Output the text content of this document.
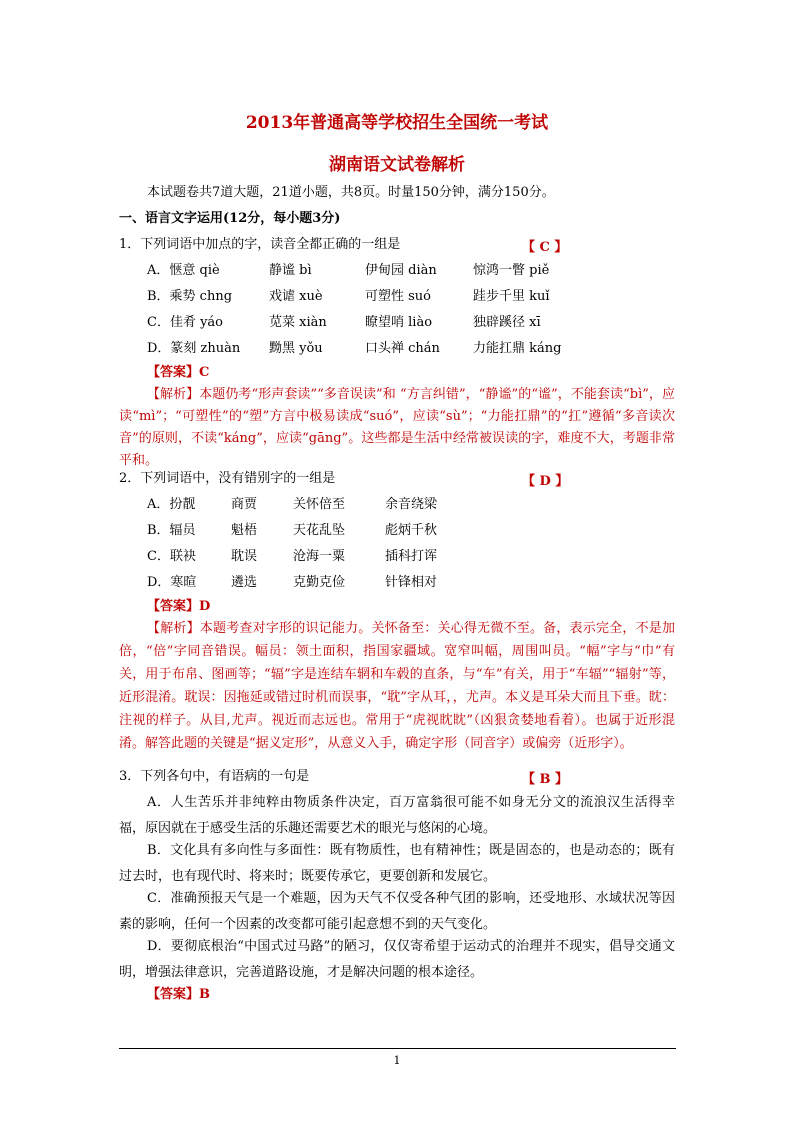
2013年普通高等学校招生全国统一考试
湖南语文试卷解析
本试题卷共7道大题，21道小题，共8页。时量150分钟，满分150分。
一、语言文字运用(12分，每小题3分)
1．下列词语中加点的字，读音全都正确的一组是	【 C 】
A．惬意 qiè	静谧 bì	伊甸园 diàn	惊鸿一瞥 piě
B．乘势 chng	戏谑 xuè	可塑性 suó	跬步千里 kuǐ
C．佳肴 yáo	苋菜 xiàn	瞭望哨 liào	独辟蹊径 xī
D．篆刻 zhuàn 黝黑 yǒu	口头禅 chán	力能扛鼎 káng
【答案】C
【解析】本题仍考“形声套读”“多音误读”和 “方言纠错”，“静谧”的“谧”，不能套读“bì”，应读“mì”；“可塑性”的“塑”方言中极易读成“suó”，应读“sù”；“力能扛鼎”的“扛”遵循“多音读次音”的原则，不读“káng”，应读“gāng”。这些都是生活中经常被误读的字，难度不大，考题非常平和。
2．下列词语中，没有错别字的一组是	【 D 】
A．扮靓	商贾	关怀倍至	余音绕梁
B．辐员	魁梧	天花乱坠	彪炳千秋
C．联袂	耽误	沧海一粟	插科打诨
D．寒暄	遴选	克勤克俭	针锋相对
【答案】D
【解析】本题考查对字形的识记能力。关怀备至：关心得无微不至。备，表示完全，不是加倍，“倍”字同音错误。幅员：领土面积，指国家疆域。宽窄叫幅，周围叫员。“幅”字与“巾”有关，用于布帛、图画等；“辐”字是连结车辋和车毂的直条，与“车”有关，用于“车辐”“辐射”等，近形混淆。耽误：因拖延或错过时机而误事，“耽”字从耳，，尤声。本义是耳朵大而且下垂。眈：注视的样子。从目,尤声。视近而志远也。常用于“虎视眈眈”（凶狠贪婪地看着）。也属于近形混淆。解答此题的关键是“据义定形”，从意义入手，确定字形（同音字）或偏旁（近形字）。
3．下列各句中，有语病的一句是	【 B 】
A．人生苦乐并非纯粹由物质条件决定，百万富翁很可能不如身无分文的流浪汉生活得幸福，原因就在于感受生活的乐趣还需要艺术的眼光与悠闲的心境。
B．文化具有多向性与多面性：既有物质性，也有精神性；既是固态的，也是动态的；既有过去时，也有现代时、将来时；既要传承它，更要创新和发展它。
C．准确预报天气是一个难题，因为天气不仅受各种气团的影响，还受地形、水域状况等因素的影响，任何一个因素的改变都可能引起意想不到的天气变化。
D．要彻底根治“中国式过马路”的陋习，仅仅寄希望于运动式的治理并不现实，倡导交通文明，增强法律意识，完善道路设施，才是解决问题的根本途径。
【答案】B
1
